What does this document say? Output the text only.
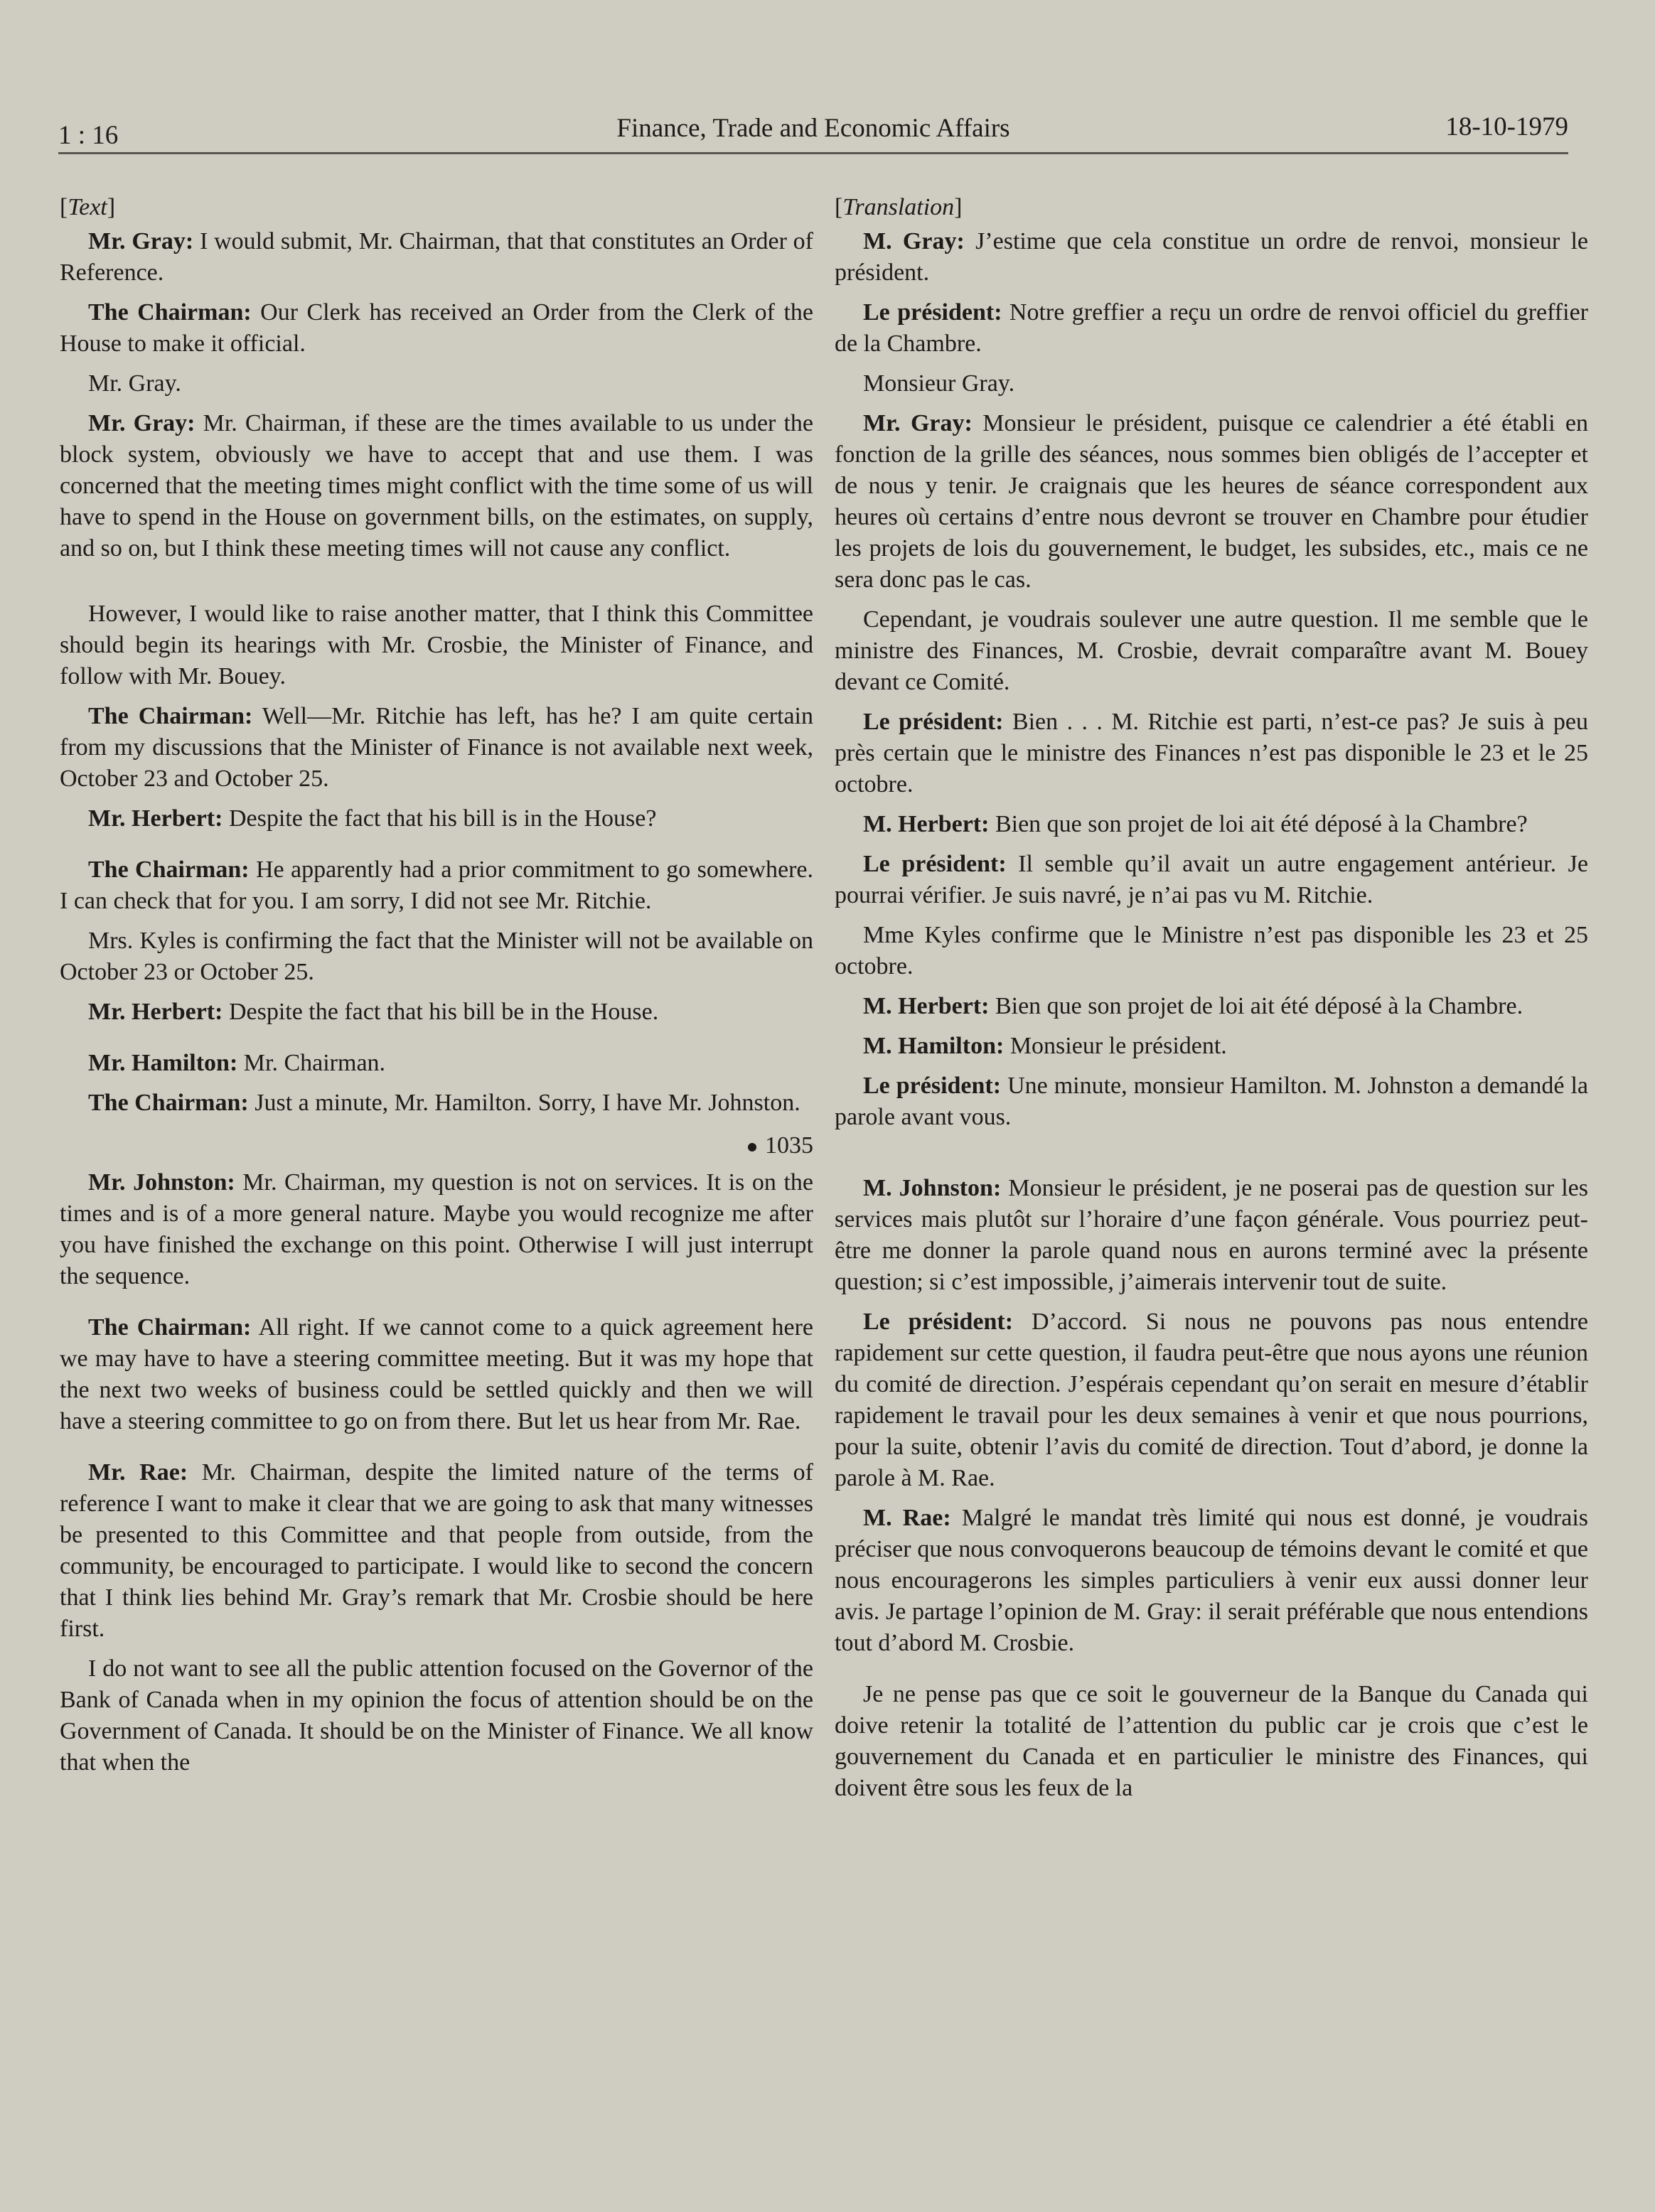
1 : 16	Finance, Trade and Economic Affairs	18-10-1979

[Text]

Mr. Gray: I would submit, Mr. Chairman, that that constitutes an Order of Reference.

The Chairman: Our Clerk has received an Order from the Clerk of the House to make it official.

Mr. Gray.

Mr. Gray: Mr. Chairman, if these are the times available to us under the block system, obviously we have to accept that and use them. I was concerned that the meeting times might conflict with the time some of us will have to spend in the House on government bills, on the estimates, on supply, and so on, but I think these meeting times will not cause any conflict.

However, I would like to raise another matter, that I think this Committee should begin its hearings with Mr. Crosbie, the Minister of Finance, and follow with Mr. Bouey.

The Chairman: Well—Mr. Ritchie has left, has he? I am quite certain from my discussions that the Minister of Finance is not available next week, October 23 and October 25.

Mr. Herbert: Despite the fact that his bill is in the House?

The Chairman: He apparently had a prior commitment to go somewhere. I can check that for you. I am sorry, I did not see Mr. Ritchie.

Mrs. Kyles is confirming the fact that the Minister will not be available on October 23 or October 25.

Mr. Herbert: Despite the fact that his bill be in the House.

Mr. Hamilton: Mr. Chairman.

The Chairman: Just a minute, Mr. Hamilton. Sorry, I have Mr. Johnston.

1035

Mr. Johnston: Mr. Chairman, my question is not on services. It is on the times and is of a more general nature. Maybe you would recognize me after you have finished the exchange on this point. Otherwise I will just interrupt the sequence.

The Chairman: All right. If we cannot come to a quick agreement here we may have to have a steering committee meeting. But it was my hope that the next two weeks of business could be settled quickly and then we will have a steering committee to go on from there. But let us hear from Mr. Rae.

Mr. Rae: Mr. Chairman, despite the limited nature of the terms of reference I want to make it clear that we are going to ask that many witnesses be presented to this Committee and that people from outside, from the community, be encouraged to participate. I would like to second the concern that I think lies behind Mr. Gray’s remark that Mr. Crosbie should be here first.

I do not want to see all the public attention focused on the Governor of the Bank of Canada when in my opinion the focus of attention should be on the Government of Canada. It should be on the Minister of Finance. We all know that when the

[Translation]

M. Gray: J’estime que cela constitue un ordre de renvoi, monsieur le président.

Le président: Notre greffier a reçu un ordre de renvoi officiel du greffier de la Chambre.

Monsieur Gray.

Mr. Gray: Monsieur le président, puisque ce calendrier a été établi en fonction de la grille des séances, nous sommes bien obligés de l’accepter et de nous y tenir. Je craignais que les heures de séance correspondent aux heures où certains d’entre nous devront se trouver en Chambre pour étudier les projets de lois du gouvernement, le budget, les subsides, etc., mais ce ne sera donc pas le cas.

Cependant, je voudrais soulever une autre question. Il me semble que le ministre des Finances, M. Crosbie, devrait comparaître avant M. Bouey devant ce Comité.

Le président: Bien . . . M. Ritchie est parti, n’est-ce pas? Je suis à peu près certain que le ministre des Finances n’est pas disponible le 23 et le 25 octobre.

M. Herbert: Bien que son projet de loi ait été déposé à la Chambre?

Le président: Il semble qu’il avait un autre engagement antérieur. Je pourrai vérifier. Je suis navré, je n’ai pas vu M. Ritchie.

Mme Kyles confirme que le Ministre n’est pas disponible les 23 et 25 octobre.

M. Herbert: Bien que son projet de loi ait été déposé à la Chambre.

M. Hamilton: Monsieur le président.

Le président: Une minute, monsieur Hamilton. M. Johnston a demandé la parole avant vous.

M. Johnston: Monsieur le président, je ne poserai pas de question sur les services mais plutôt sur l’horaire d’une façon générale. Vous pourriez peut-être me donner la parole quand nous en aurons terminé avec la présente question; si c’est impossible, j’aimerais intervenir tout de suite.

Le président: D’accord. Si nous ne pouvons pas nous entendre rapidement sur cette question, il faudra peut-être que nous ayons une réunion du comité de direction. J’espérais cependant qu’on serait en mesure d’établir rapidement le travail pour les deux semaines à venir et que nous pourrions, pour la suite, obtenir l’avis du comité de direction. Tout d’abord, je donne la parole à M. Rae.

M. Rae: Malgré le mandat très limité qui nous est donné, je voudrais préciser que nous convoquerons beaucoup de témoins devant le comité et que nous encouragerons les simples particuliers à venir eux aussi donner leur avis. Je partage l’opinion de M. Gray: il serait préférable que nous entendions tout d’abord M. Crosbie.

Je ne pense pas que ce soit le gouverneur de la Banque du Canada qui doive retenir la totalité de l’attention du public car je crois que c’est le gouvernement du Canada et en particulier le ministre des Finances, qui doivent être sous les feux de la
